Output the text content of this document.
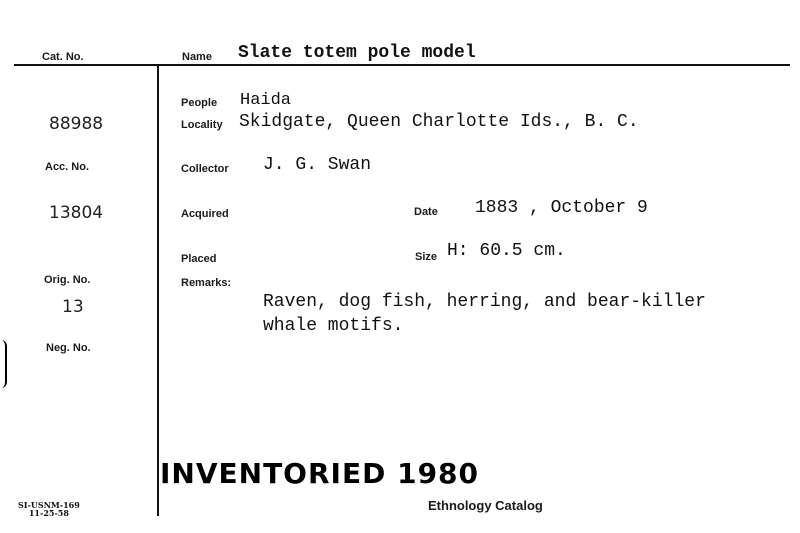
Cat. No.
88988
Acc. No.
13804
Orig. No.
13
Neg. No.
Name Slate totem pole model
People Haida
Locality Skidgate, Queen Charlotte Ids., B. C.
Collector J. G. Swan
Acquired	Date 1883 , October 9
Placed	Size H: 60.5 cm.
Remarks:
Raven, dog fish, herring, and bear-killer
whale motifs.
INVENTORIED 1980
SI-USNM-169
11-25-58	Ethnology Catalog
